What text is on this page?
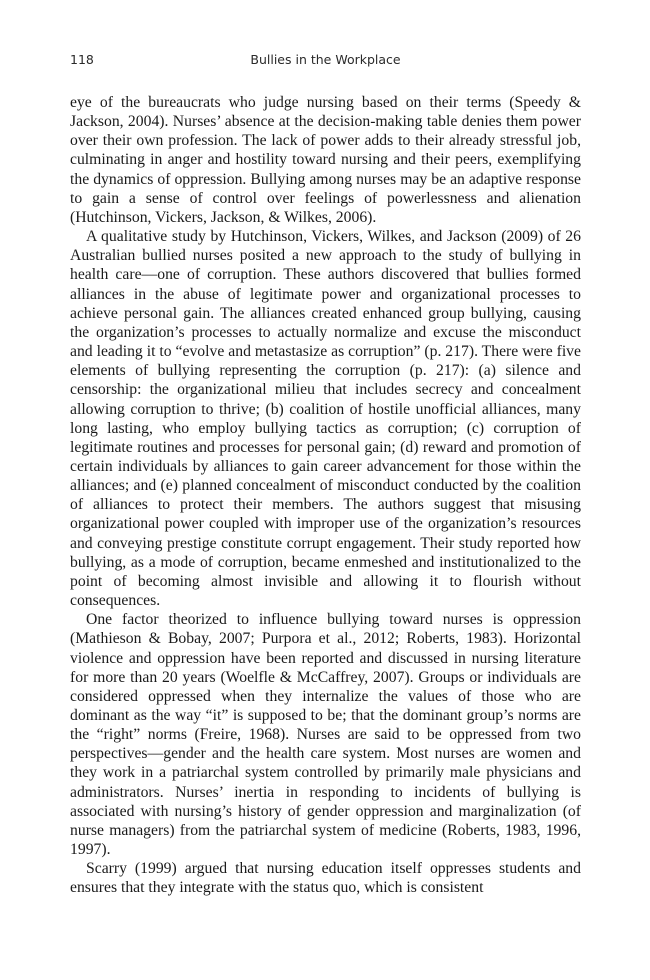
118	Bullies in the Workplace

eye of the bureaucrats who judge nursing based on their terms (Speedy & Jackson, 2004). Nurses’ absence at the decision-making table denies them power over their own profession. The lack of power adds to their already stressful job, culminating in anger and hostility toward nursing and their peers, exemplifying the dynamics of oppression. Bullying among nurses may be an adaptive response to gain a sense of control over feelings of powerlessness and alienation (Hutchinson, Vickers, Jackson, & Wilkes, 2006).

A qualitative study by Hutchinson, Vickers, Wilkes, and Jackson (2009) of 26 Australian bullied nurses posited a new approach to the study of bullying in health care—one of corruption. These authors discovered that bullies formed alliances in the abuse of legitimate power and organizational processes to achieve personal gain. The alliances created enhanced group bullying, causing the organization’s processes to actually normalize and excuse the misconduct and leading it to “evolve and metastasize as corruption” (p. 217). There were five elements of bullying representing the corruption (p. 217): (a) silence and censorship: the organizational milieu that includes secrecy and concealment allowing corruption to thrive; (b) coalition of hostile unofficial alliances, many long lasting, who employ bullying tactics as corruption; (c) corruption of legitimate routines and processes for personal gain; (d) reward and promotion of certain individuals by alliances to gain career advancement for those within the alliances; and (e) planned concealment of misconduct conducted by the coalition of alliances to protect their members. The authors suggest that misusing organizational power coupled with improper use of the organization’s resources and conveying prestige constitute corrupt engagement. Their study reported how bullying, as a mode of corruption, became enmeshed and institutionalized to the point of becoming almost invisible and allowing it to flourish without consequences.

One factor theorized to influence bullying toward nurses is oppression (Mathieson & Bobay, 2007; Purpora et al., 2012; Roberts, 1983). Horizontal violence and oppression have been reported and discussed in nursing literature for more than 20 years (Woelfle & McCaffrey, 2007). Groups or individuals are considered oppressed when they internalize the values of those who are dominant as the way “it” is supposed to be; that the dominant group’s norms are the “right” norms (Freire, 1968). Nurses are said to be oppressed from two perspectives—gender and the health care system. Most nurses are women and they work in a patriarchal system controlled by primarily male physicians and administrators. Nurses’ inertia in responding to incidents of bullying is associated with nursing’s history of gender oppression and marginalization (of nurse managers) from the patriarchal system of medicine (Roberts, 1983, 1996, 1997).

Scarry (1999) argued that nursing education itself oppresses students and ensures that they integrate with the status quo, which is consistent
